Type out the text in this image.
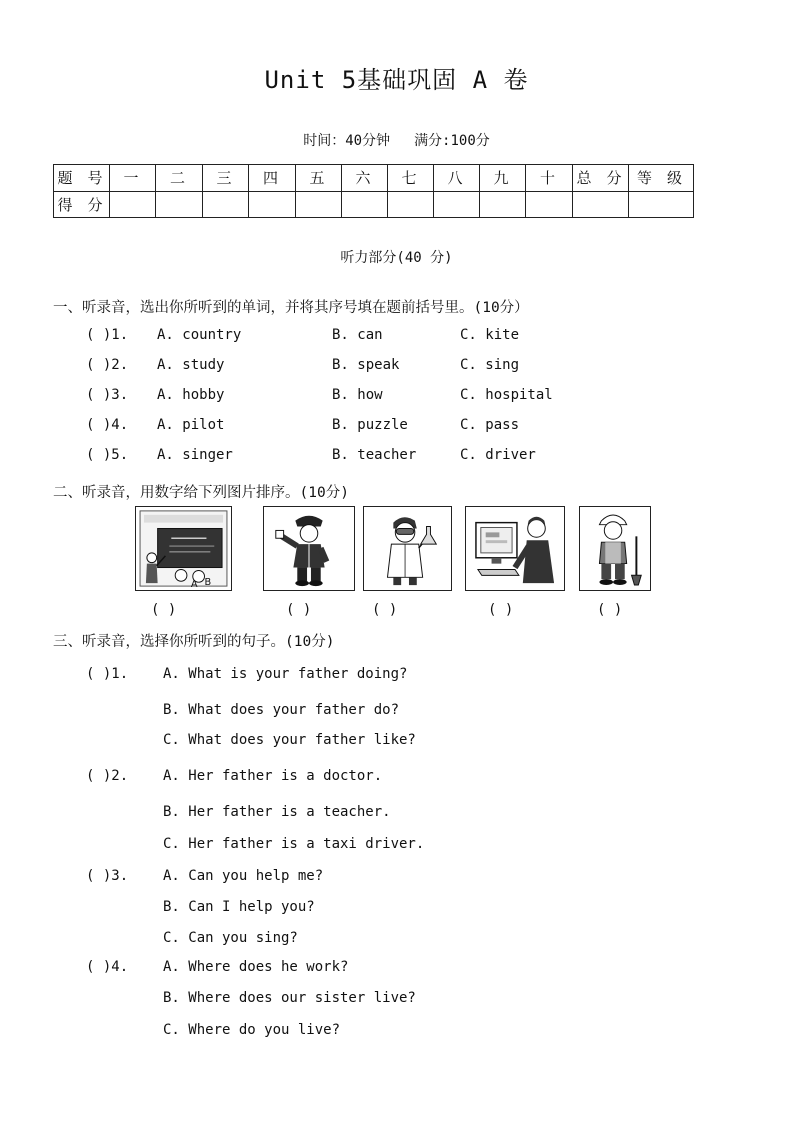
Unit 5基础巩固 A 卷
时间：40分钟 满分:100分
题 号	一	二	三	四	五	六	七	八	九	十	总 分	等 级
得 分												
听力部分(40 分)
一、听录音，选出你所听到的单词，并将其序号填在题前括号里。(10分）
( )1. A. country	B. can	C. kite
( )2. A. study	B. speak	C. sing
( )3. A. hobby	B. how	C. hospital
( )4. A. pilot	B. puzzle	C. pass
( )5. A. singer	B. teacher	C. driver
二、听录音，用数字给下列图片排序。(10分)
A B
( )	( )	( )	( )	( )
三、听录音，选择你所听到的句子。(10分)
( )1. A. What is your father doing?
B. What does your father do?
C. What does your father like?
( )2. A. Her father is a doctor.
B. Her father is a teacher.
C. Her father is a taxi driver.
( )3. A. Can you help me?
B. Can I help you?
C. Can you sing?
( )4. A. Where does he work?
B. Where does our sister live?
C. Where do you live?
